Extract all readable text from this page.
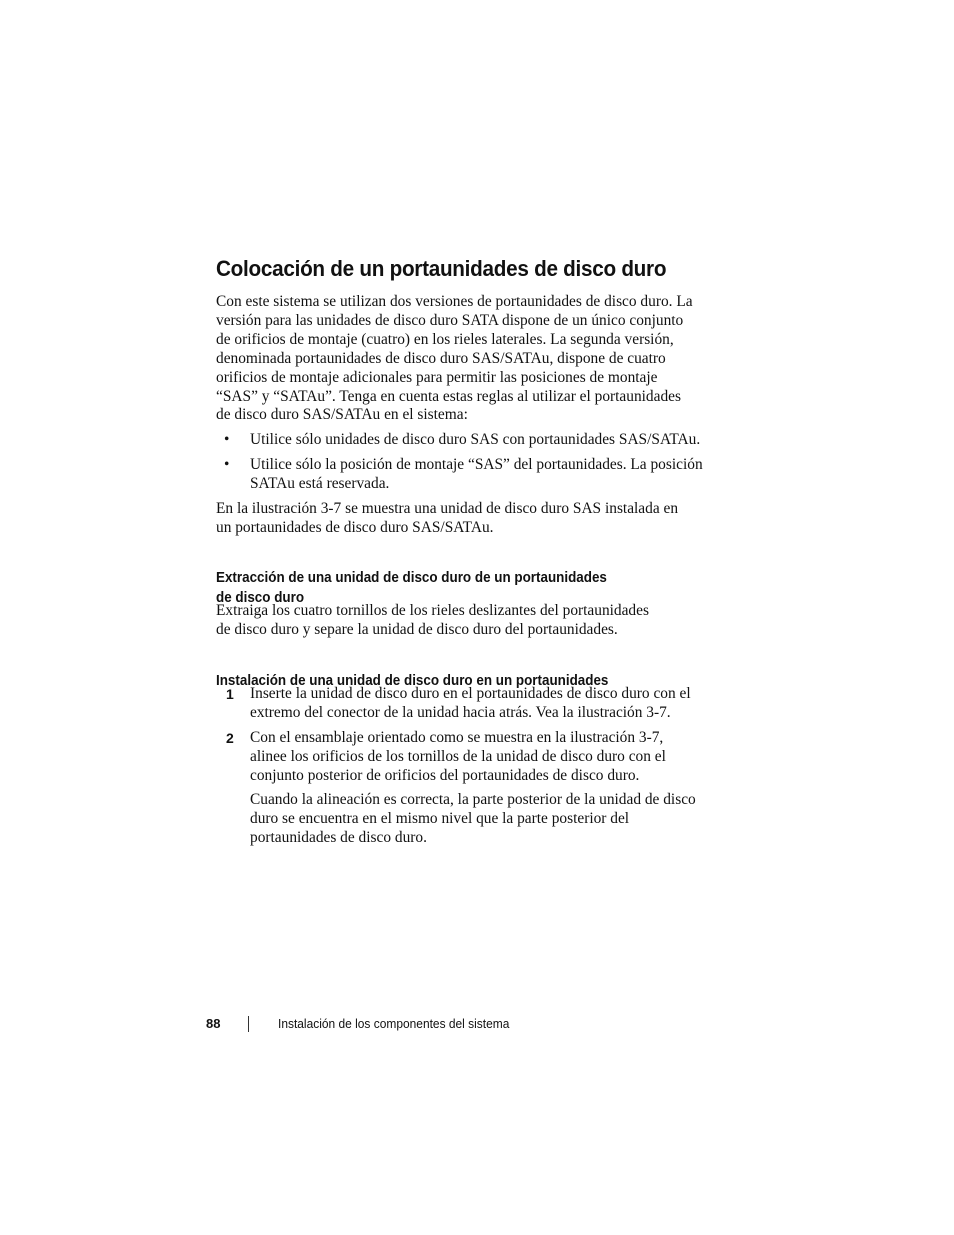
Colocación de un portaunidades de disco duro

Con este sistema se utilizan dos versiones de portaunidades de disco duro. La
versión para las unidades de disco duro SATA dispone de un único conjunto
de orificios de montaje (cuatro) en los rieles laterales. La segunda versión,
denominada portaunidades de disco duro SAS/SATAu, dispone de cuatro
orificios de montaje adicionales para permitir las posiciones de montaje
“SAS” y “SATAu”. Tenga en cuenta estas reglas al utilizar el portaunidades
de disco duro SAS/SATAu en el sistema:

• Utilice sólo unidades de disco duro SAS con portaunidades SAS/SATAu.
• Utilice sólo la posición de montaje “SAS” del portaunidades. La posición
SATAu está reservada.

En la ilustración 3-7 se muestra una unidad de disco duro SAS instalada en
un portaunidades de disco duro SAS/SATAu.

Extracción de una unidad de disco duro de un portaunidades
de disco duro

Extraiga los cuatro tornillos de los rieles deslizantes del portaunidades
de disco duro y separe la unidad de disco duro del portaunidades.

Instalación de una unidad de disco duro en un portaunidades
1 Inserte la unidad de disco duro en el portaunidades de disco duro con el
extremo del conector de la unidad hacia atrás. Vea la ilustración 3-7.
2 Con el ensamblaje orientado como se muestra en la ilustración 3-7,
alinee los orificios de los tornillos de la unidad de disco duro con el
conjunto posterior de orificios del portaunidades de disco duro.

Cuando la alineación es correcta, la parte posterior de la unidad de disco
duro se encuentra en el mismo nivel que la parte posterior del
portaunidades de disco duro.

88	Instalación de los componentes del sistema
